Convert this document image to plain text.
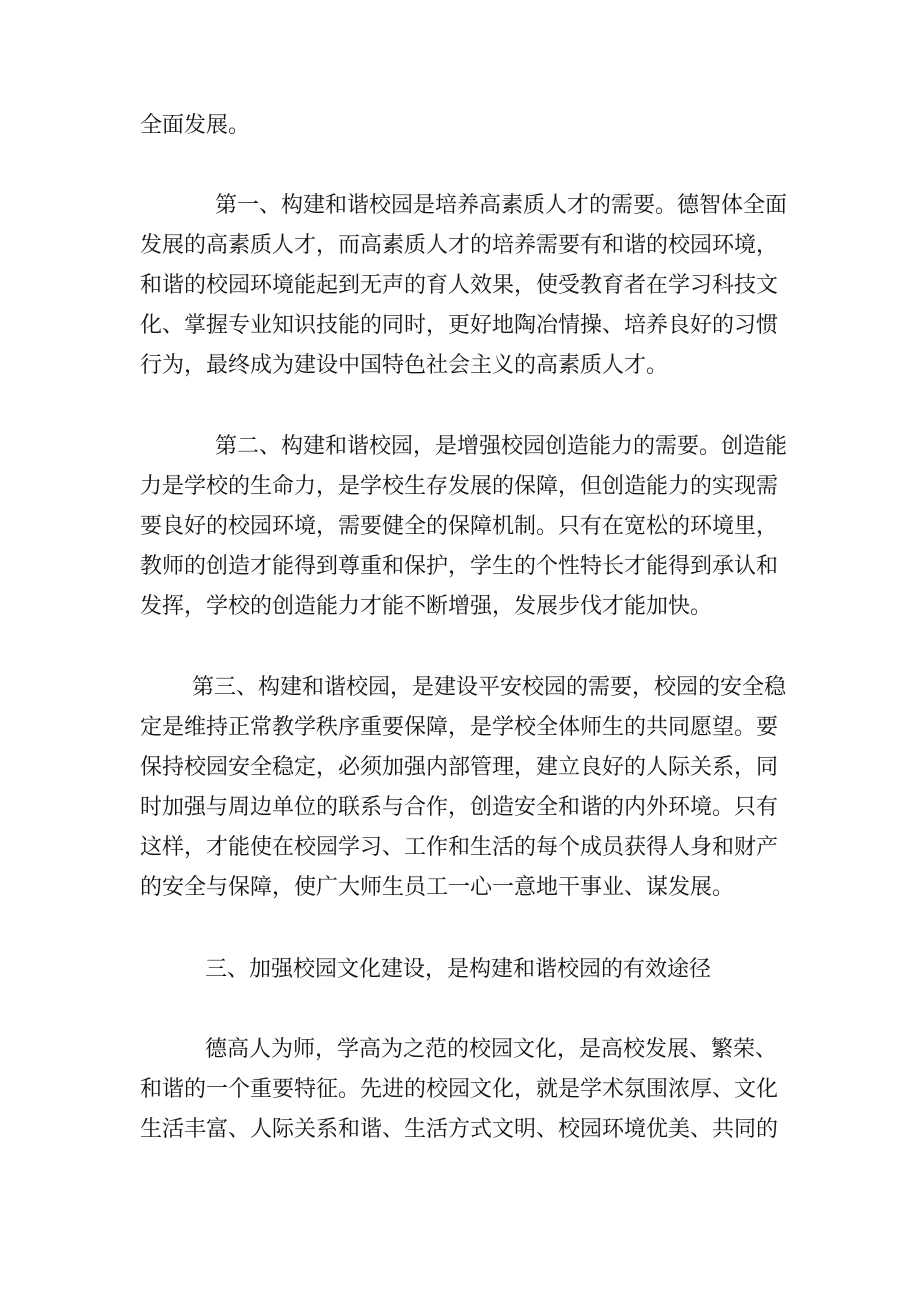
全面发展。
第一、构建和谐校园是培养高素质人才的需要。德智体全面
发展的高素质人才，而高素质人才的培养需要有和谐的校园环境，
和谐的校园环境能起到无声的育人效果，使受教育者在学习科技文
化、掌握专业知识技能的同时，更好地陶冶情操、培养良好的习惯
行为，最终成为建设中国特色社会主义的高素质人才。
第二、构建和谐校园，是增强校园创造能力的需要。创造能
力是学校的生命力，是学校生存发展的保障，但创造能力的实现需
要良好的校园环境，需要健全的保障机制。只有在宽松的环境里，
教师的创造才能得到尊重和保护，学生的个性特长才能得到承认和
发挥，学校的创造能力才能不断增强，发展步伐才能加快。
第三、构建和谐校园，是建设平安校园的需要，校园的安全稳
定是维持正常教学秩序重要保障，是学校全体师生的共同愿望。要
保持校园安全稳定，必须加强内部管理，建立良好的人际关系，同
时加强与周边单位的联系与合作，创造安全和谐的内外环境。只有
这样，才能使在校园学习、工作和生活的每个成员获得人身和财产
的安全与保障，使广大师生员工一心一意地干事业、谋发展。
三、加强校园文化建设，是构建和谐校园的有效途径
德高人为师，学高为之范的校园文化，是高校发展、繁荣、
和谐的一个重要特征。先进的校园文化，就是学术氛围浓厚、文化
生活丰富、人际关系和谐、生活方式文明、校园环境优美、共同的
